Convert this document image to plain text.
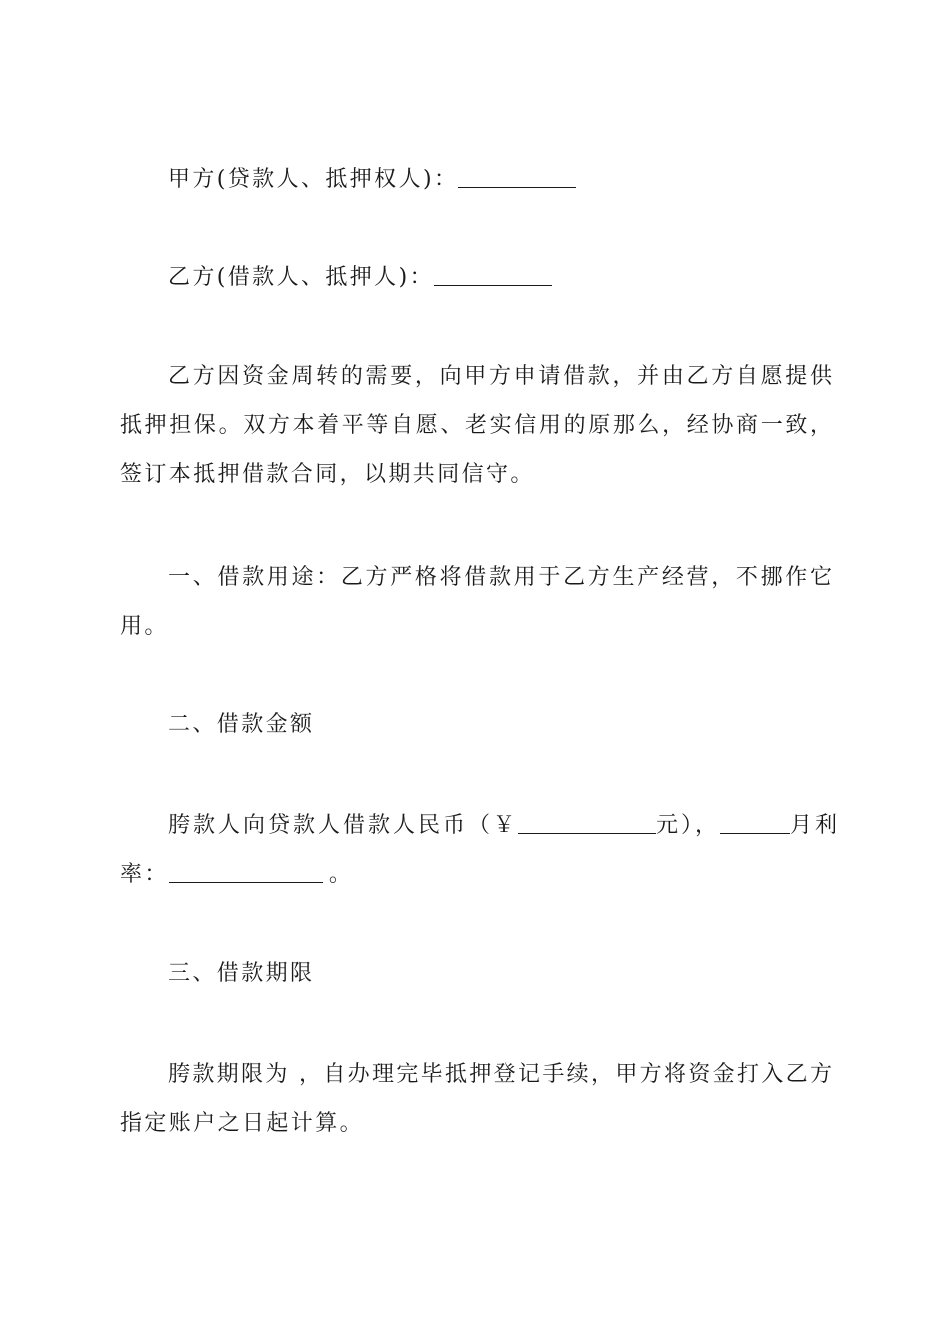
甲方(贷款人、抵押权人)：
乙方(借款人、抵押人)：
乙方因资金周转的需要，向甲方申请借款，并由乙方自愿提供
抵押担保。双方本着平等自愿、老实信用的原那么，经协商一致，
签订本抵押借款合同，以期共同信守。
一、借款用途：乙方严格将借款用于乙方生产经营，不挪作它
用。
二、借款金额
胯款人向贷款人借款人民币（￥	元），	月利
率：	。
三、借款期限
胯款期限为 ，自办理完毕抵押登记手续，甲方将资金打入乙方
指定账户之日起计算。
